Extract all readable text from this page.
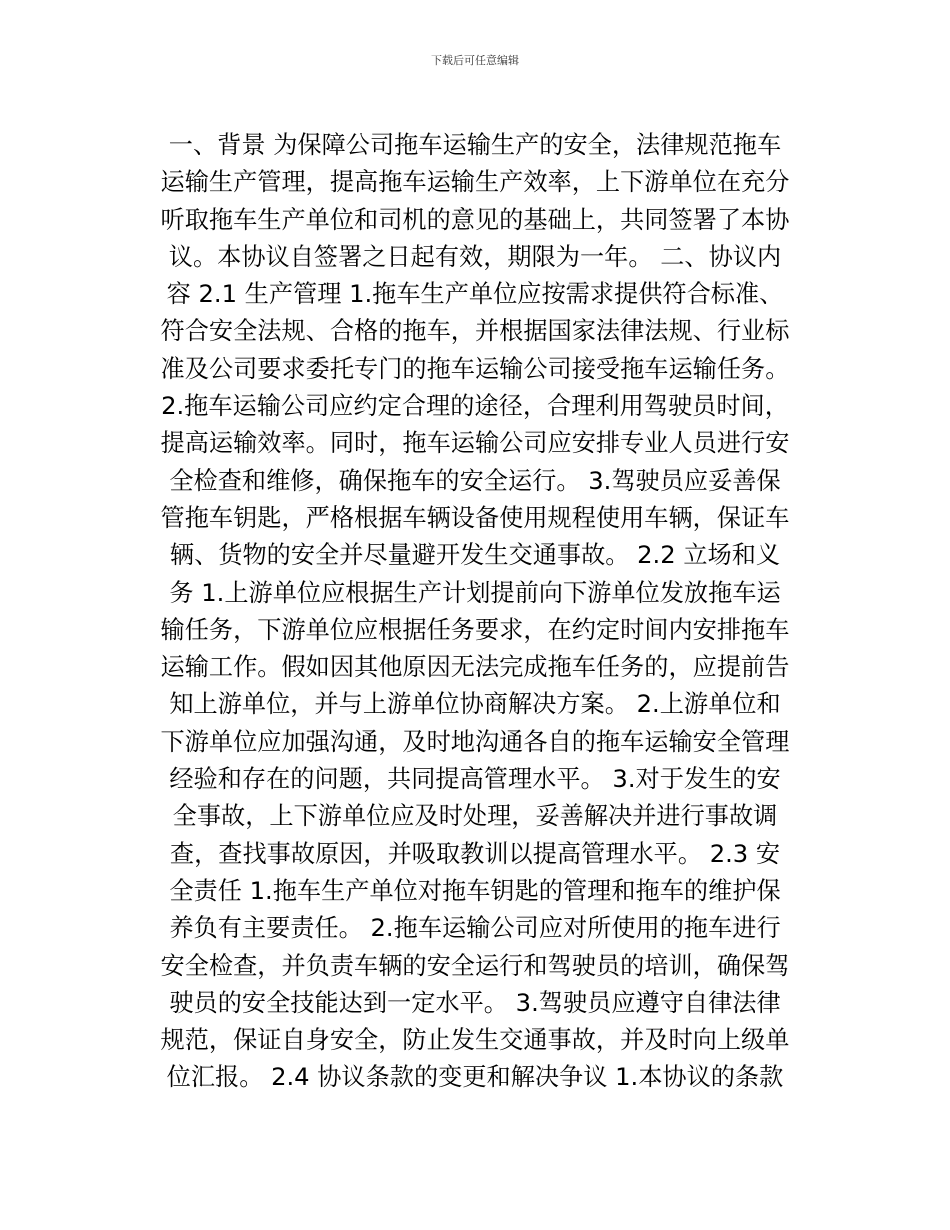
下载后可任意编辑
一、背景 为保障公司拖车运输生产的安全，法律规范拖车
运输生产管理，提高拖车运输生产效率，上下游单位在充分
听取拖车生产单位和司机的意见的基础上，共同签署了本协
议。本协议自签署之日起有效，期限为一年。 二、协议内
容 2.1 生产管理 1.拖车生产单位应按需求提供符合标准、
符合安全法规、合格的拖车，并根据国家法律法规、行业标
准及公司要求委托专门的拖车运输公司接受拖车运输任务。
2.拖车运输公司应约定合理的途径，合理利用驾驶员时间，
提高运输效率。同时，拖车运输公司应安排专业人员进行安
全检查和维修，确保拖车的安全运行。 3.驾驶员应妥善保
管拖车钥匙，严格根据车辆设备使用规程使用车辆，保证车
辆、货物的安全并尽量避开发生交通事故。 2.2 立场和义
务 1.上游单位应根据生产计划提前向下游单位发放拖车运
输任务，下游单位应根据任务要求，在约定时间内安排拖车
运输工作。假如因其他原因无法完成拖车任务的，应提前告
知上游单位，并与上游单位协商解决方案。 2.上游单位和
下游单位应加强沟通，及时地沟通各自的拖车运输安全管理
经验和存在的问题，共同提高管理水平。 3.对于发生的安
全事故，上下游单位应及时处理，妥善解决并进行事故调
查，查找事故原因，并吸取教训以提高管理水平。 2.3 安
全责任 1.拖车生产单位对拖车钥匙的管理和拖车的维护保
养负有主要责任。 2.拖车运输公司应对所使用的拖车进行
安全检查，并负责车辆的安全运行和驾驶员的培训，确保驾
驶员的安全技能达到一定水平。 3.驾驶员应遵守自律法律
规范，保证自身安全，防止发生交通事故，并及时向上级单
位汇报。 2.4 协议条款的变更和解决争议 1.本协议的条款
